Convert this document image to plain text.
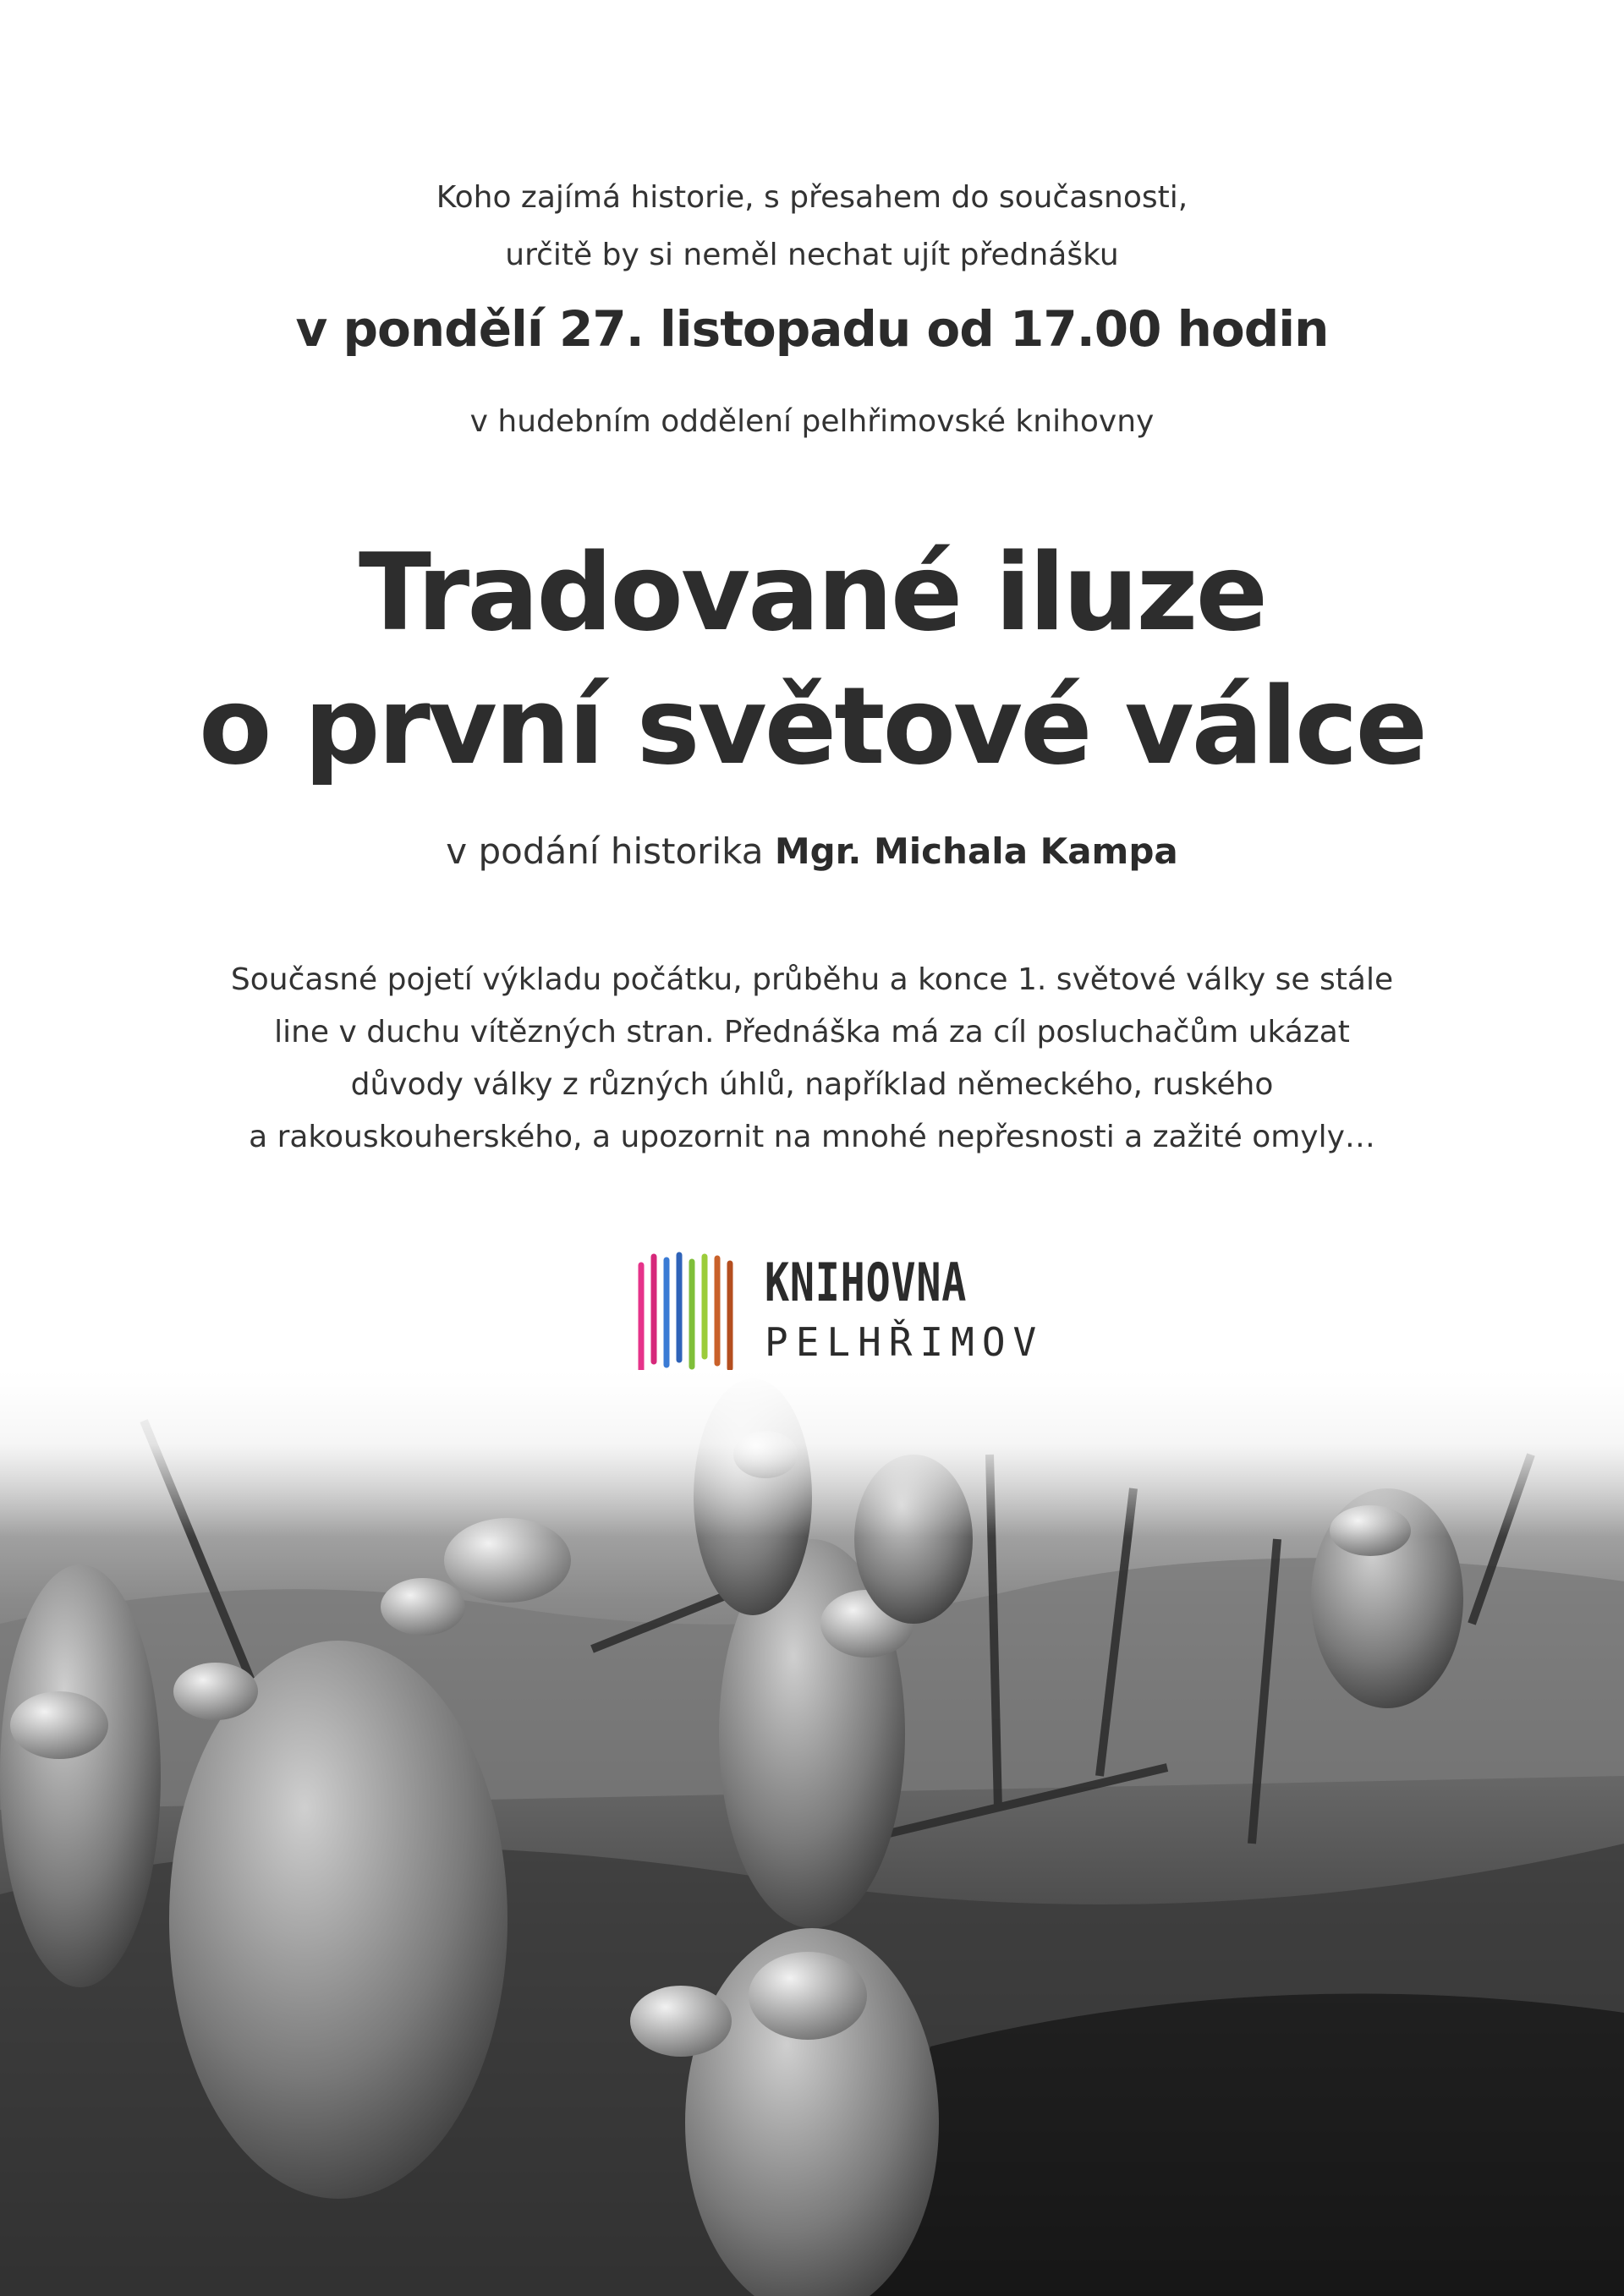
Koho zajímá historie, s přesahem do současnosti,
určitě by si neměl nechat ujít přednášku
v pondělí 27. listopadu od 17.00 hodin
v hudebním oddělení pelhřimovské knihovny
Tradované iluze
o první světové válce
v podání historika Mgr. Michala Kampa
Současné pojetí výkladu počátku, průběhu a konce 1. světové války se stále
line v duchu vítězných stran. Přednáška má za cíl posluchačům ukázat
důvody války z různých úhlů, například německého, ruského
a rakouskouherského, a upozornit na mnohé nepřesnosti a zažité omyly…
KNIHOVNA
PELHŘIMOV
